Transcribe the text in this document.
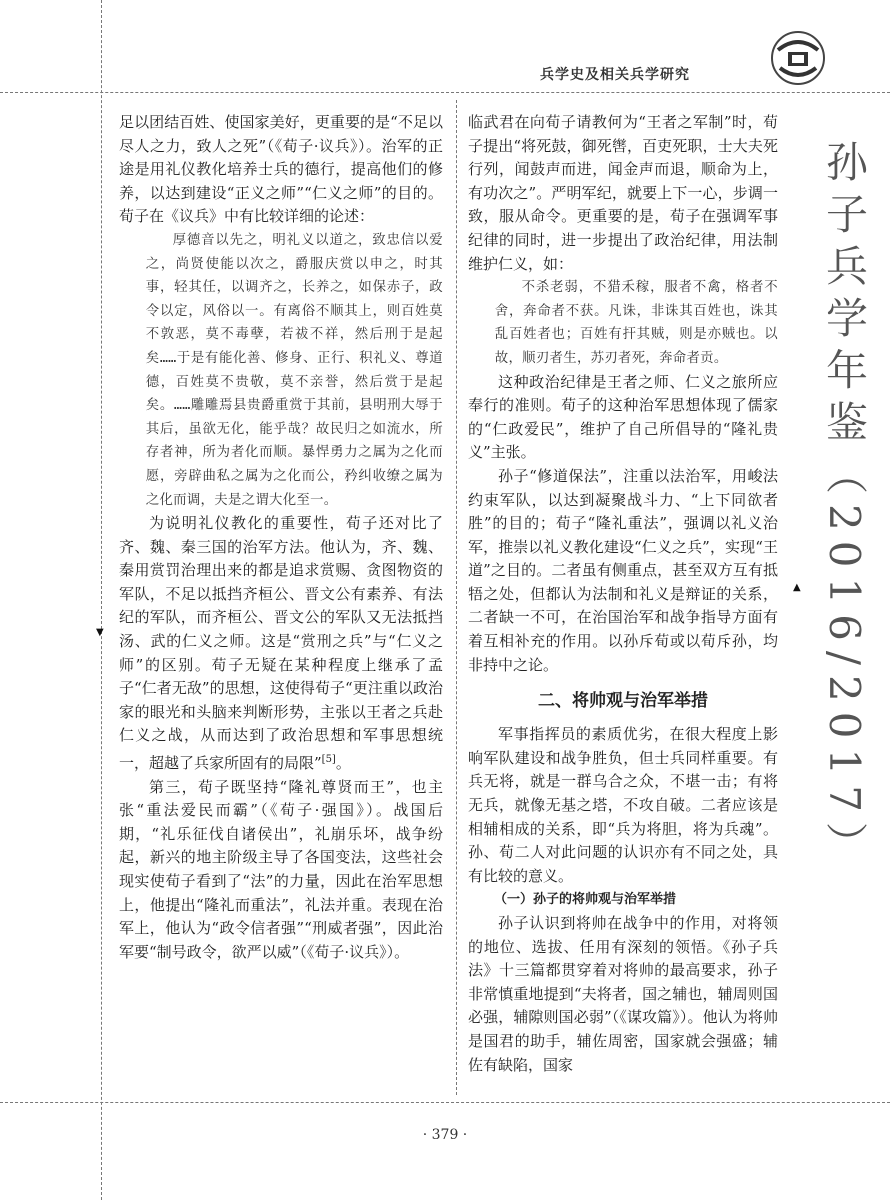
兵学史及相关兵学研究
孙子兵学年鉴（2016/2017）
▼
▲

足以团结百姓、使国家美好，更重要的是“不足以尽人之力，致人之死”（《荀子·议兵》）。治军的正途是用礼仪教化培养士兵的德行，提高他们的修养，以达到建设“正义之师”“仁义之师”的目的。荀子在《议兵》中有比较详细的论述：

厚德音以先之，明礼义以道之，致忠信以爱之，尚贤使能以次之，爵服庆赏以申之，时其事，轻其任，以调齐之，长养之，如保赤子，政令以定，风俗以一。有离俗不顺其上，则百姓莫不敦恶，莫不毒孽，若祓不祥，然后刑于是起矣……于是有能化善、修身、正行、积礼义、尊道德，百姓莫不贵敬，莫不亲誉，然后赏于是起矣。……雕雕焉县贵爵重赏于其前，县明刑大辱于其后，虽欲无化，能乎哉？故民归之如流水，所存者神，所为者化而顺。暴悍勇力之属为之化而愿，旁辟曲私之属为之化而公，矜纠收缭之属为之化而调，夫是之谓大化至一。

为说明礼仪教化的重要性，荀子还对比了齐、魏、秦三国的治军方法。他认为，齐、魏、秦用赏罚治理出来的都是追求赏赐、贪图物资的军队，不足以抵挡齐桓公、晋文公有素养、有法纪的军队，而齐桓公、晋文公的军队又无法抵挡汤、武的仁义之师。这是“赏刑之兵”与“仁义之师”的区别。荀子无疑在某种程度上继承了孟子“仁者无敌”的思想，这使得荀子“更注重以政治家的眼光和头脑来判断形势，主张以王者之兵赴仁义之战，从而达到了政治思想和军事思想统一，超越了兵家所固有的局限”[5]。

第三，荀子既坚持“隆礼尊贤而王”，也主张“重法爱民而霸”（《荀子·强国》）。战国后期，“礼乐征伐自诸侯出”，礼崩乐坏，战争纷起，新兴的地主阶级主导了各国变法，这些社会现实使荀子看到了“法”的力量，因此在治军思想上，他提出“隆礼而重法”，礼法并重。表现在治军上，他认为“政令信者强”“刑威者强”，因此治军要“制号政令，欲严以威”（《荀子·议兵》）。

临武君在向荀子请教何为“王者之军制”时，荀子提出“将死鼓，御死辔，百吏死职，士大夫死行列，闻鼓声而进，闻金声而退，顺命为上，有功次之”。严明军纪，就要上下一心，步调一致，服从命令。更重要的是，荀子在强调军事纪律的同时，进一步提出了政治纪律，用法制维护仁义，如：

不杀老弱，不猎禾稼，服者不禽，格者不舍，奔命者不获。凡诛，非诛其百姓也，诛其乱百姓者也；百姓有扞其贼，则是亦贼也。以故，顺刃者生，苏刃者死，奔命者贡。

这种政治纪律是王者之师、仁义之旅所应奉行的准则。荀子的这种治军思想体现了儒家的“仁政爱民”，维护了自己所倡导的“隆礼贵义”主张。

孙子“修道保法”，注重以法治军，用峻法约束军队，以达到凝聚战斗力、“上下同欲者胜”的目的；荀子“隆礼重法”，强调以礼义治军，推崇以礼义教化建设“仁义之兵”，实现“王道”之目的。二者虽有侧重点，甚至双方互有抵牾之处，但都认为法制和礼义是辩证的关系，二者缺一不可，在治国治军和战争指导方面有着互相补充的作用。以孙斥荀或以荀斥孙，均非持中之论。

二、将帅观与治军举措

军事指挥员的素质优劣，在很大程度上影响军队建设和战争胜负，但士兵同样重要。有兵无将，就是一群乌合之众，不堪一击；有将无兵，就像无基之塔，不攻自破。二者应该是相辅相成的关系，即“兵为将胆，将为兵魂”。孙、荀二人对此问题的认识亦有不同之处，具有比较的意义。

（一）孙子的将帅观与治军举措

孙子认识到将帅在战争中的作用，对将领的地位、选拔、任用有深刻的领悟。《孙子兵法》十三篇都贯穿着对将帅的最高要求，孙子非常慎重地提到“夫将者，国之辅也，辅周则国必强，辅隙则国必弱”（《谋攻篇》）。他认为将帅是国君的助手，辅佐周密，国家就会强盛；辅佐有缺陷，国家

· 379 ·
